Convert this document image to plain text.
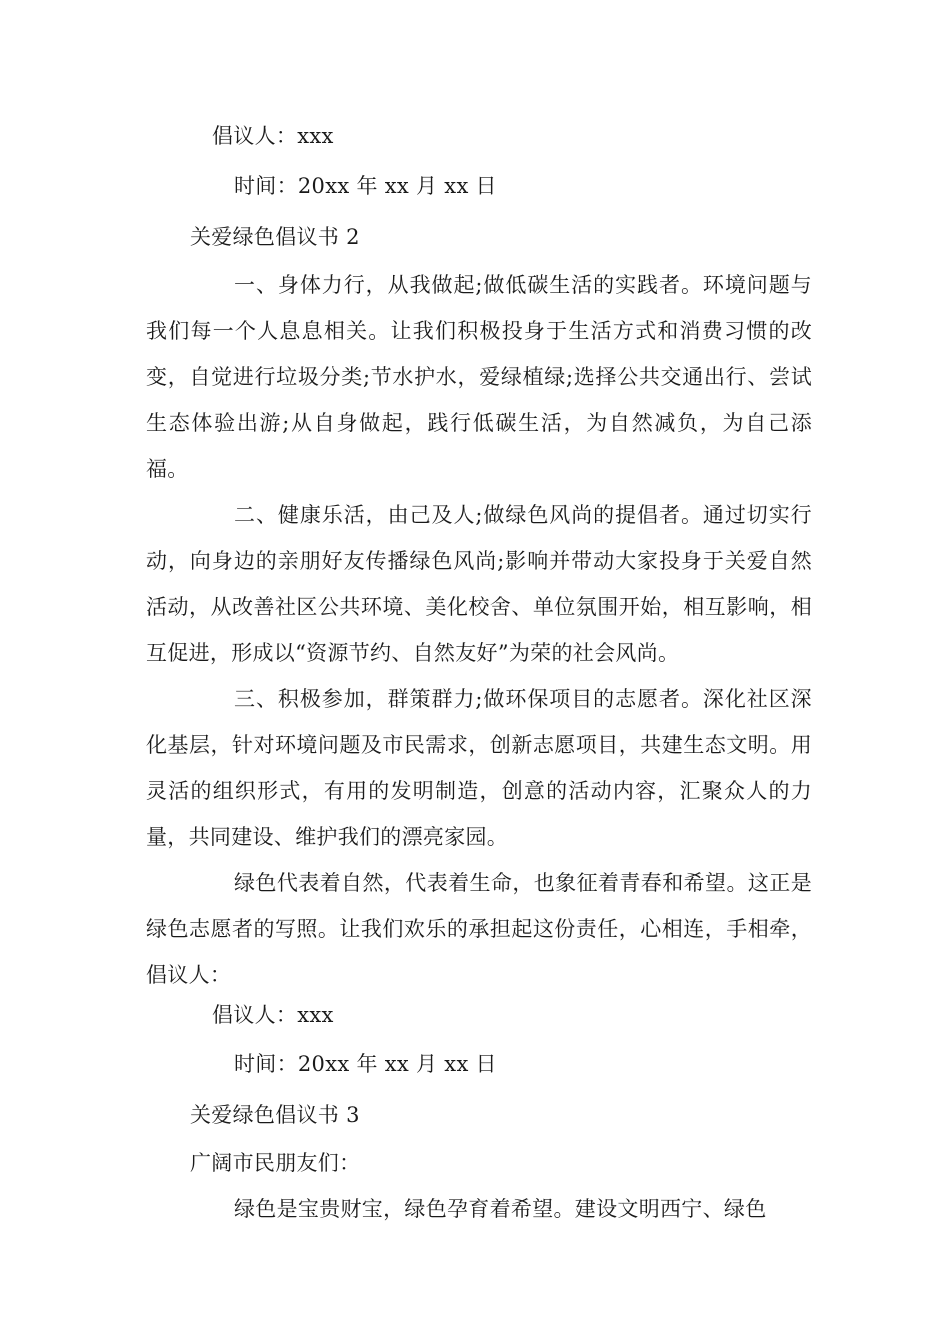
倡议人：xxx
时间：20xx 年 xx 月 xx 日
关爱绿色倡议书 2
一、身体力行，从我做起;做低碳生活的实践者。环境问题与我们每一个人息息相关。让我们积极投身于生活方式和消费习惯的改变，自觉进行垃圾分类;节水护水，爱绿植绿;选择公共交通出行、尝试生态体验出游;从自身做起，践行低碳生活，为自然减负，为自己添福。
二、健康乐活，由己及人;做绿色风尚的提倡者。通过切实行动，向身边的亲朋好友传播绿色风尚;影响并带动大家投身于关爱自然活动，从改善社区公共环境、美化校舍、单位氛围开始，相互影响，相互促进，形成以“资源节约、自然友好”为荣的社会风尚。
三、积极参加，群策群力;做环保项目的志愿者。深化社区深化基层，针对环境问题及市民需求，创新志愿项目，共建生态文明。用灵活的组织形式，有用的发明制造，创意的活动内容，汇聚众人的力量，共同建设、维护我们的漂亮家园。
绿色代表着自然，代表着生命，也象征着青春和希望。这正是绿色志愿者的写照。让我们欢乐的承担起这份责任，心相连，手相牵，倡议人：
倡议人：xxx
时间：20xx 年 xx 月 xx 日
关爱绿色倡议书 3
广阔市民朋友们：
绿色是宝贵财宝，绿色孕育着希望。建设文明西宁、绿色
